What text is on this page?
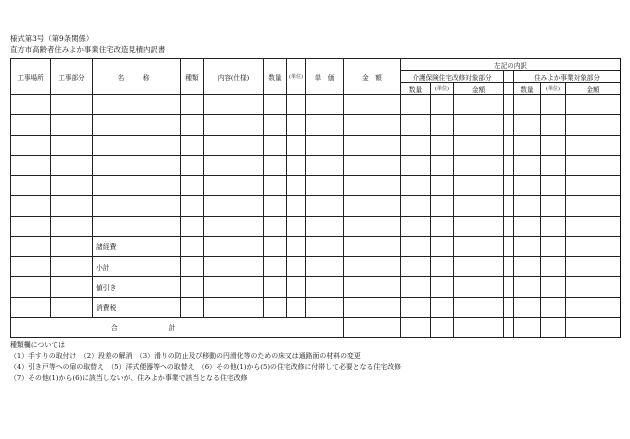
様式第3号（第9条関係）
直方市高齢者住みよか事業住宅改造見積内訳書
工事場所	工事部分	名　称	種類	内容(仕様)	数量	(単位)	単　価	金　額	左記の内訳						
									介護保険住宅改修対象部分				住みよか事業対象部分		
									数量	(単位)	金額		数量	(単位)	金額

		諸経費													
		小計													
		値引き													
		消費税													
合　計															
種類欄については
（1）手すりの取付け　（2）段差の解消　（3）滑りの防止及び移動の円滑化等のための床又は通路面の材料の変更
（4）引き戸等への扉の取替え　（5）洋式便器等への取替え　（6）その他(1)から(5)の住宅改修に付帯して必要となる住宅改修
（7）その他(1)から(6)に該当しないが、住みよか事業で該当となる住宅改修
